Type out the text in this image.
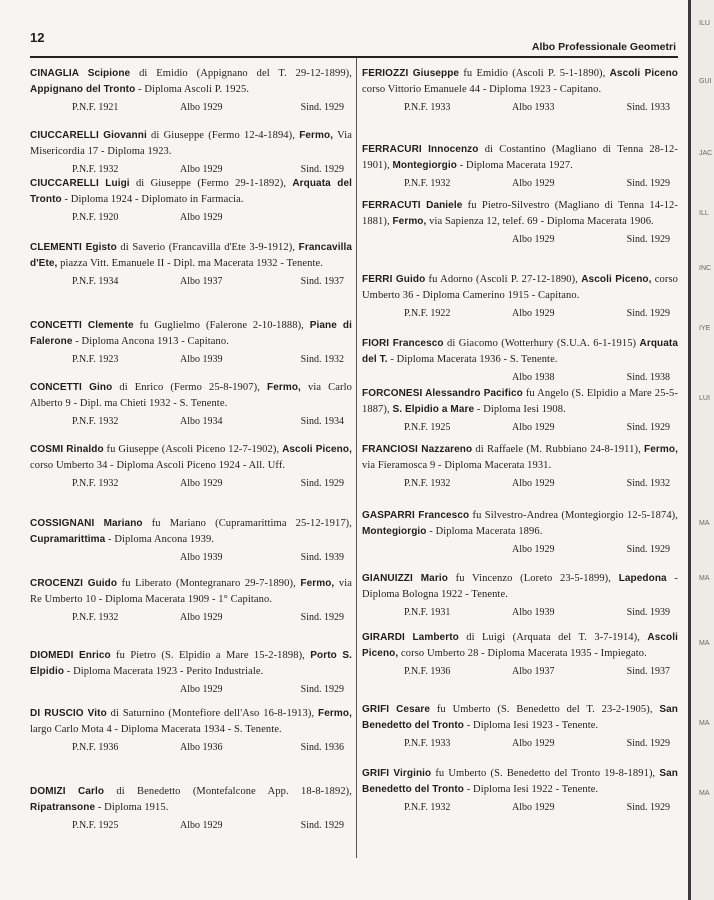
12
Albo Professionale Geometri
ILU
GUI
JAC
ILL
INC
IYE
LUI
MA
MA
MA
MA
MA
CINAGLIA Scipione di Emidio (Appignano del T. 29-12-1899), Appignano del Tronto - Diploma Ascoli P. 1925.
P.N.F. 1921	Albo 1929	Sind. 1929
CIUCCARELLI Giovanni di Giuseppe (Fermo 12-4-1894), Fermo, Via Misericordia 17 - Diploma 1923.
P.N.F. 1932	Albo 1929	Sind. 1929
CIUCCARELLI Luigi di Giuseppe (Fermo 29-1-1892), Arquata del Tronto - Diploma 1924 - Diplomato in Farmacia.
P.N.F. 1920	Albo 1929
CLEMENTI Egisto di Saverio (Francavilla d'Ete 3-9-1912), Francavilla d'Ete, piazza Vitt. Emanuele II - Dipl. ma Macerata 1932 - Tenente.
P.N.F. 1934	Albo 1937	Sind. 1937
CONCETTI Clemente fu Guglielmo (Falerone 2-10-1888), Piane di Falerone - Diploma Ancona 1913 - Capitano.
P.N.F. 1923	Albo 1939	Sind. 1932
CONCETTI Gino di Enrico (Fermo 25-8-1907), Fermo, via Carlo Alberto 9 - Dipl. ma Chieti 1932 - S. Tenente.
P.N.F. 1932	Albo 1934	Sind. 1934
COSMI Rinaldo fu Giuseppe (Ascoli Piceno 12-7-1902), Ascoli Piceno, corso Umberto 34 - Diploma Ascoli Piceno 1924 - All. Uff.
P.N.F. 1932	Albo 1929	Sind. 1929
COSSIGNANI Mariano fu Mariano (Cupramarittima 25-12-1917), Cupramarittima - Diploma Ancona 1939.
Albo 1939	Sind. 1939
CROCENZI Guido fu Liberato (Montegranaro 29-7-1890), Fermo, via Re Umberto 10 - Diploma Macerata 1909 - 1° Capitano.
P.N.F. 1932	Albo 1929	Sind. 1929
DIOMEDI Enrico fu Pietro (S. Elpidio a Mare 15-2-1898), Porto S. Elpidio - Diploma Macerata 1923 - Perito Industriale.
Albo 1929	Sind. 1929
DI RUSCIO Vito di Saturnino (Montefiore dell'Aso 16-8-1913), Fermo, largo Carlo Mota 4 - Diploma Macerata 1934 - S. Tenente.
P.N.F. 1936	Albo 1936	Sind. 1936
DOMIZI Carlo di Benedetto (Montefalcone App. 18-8-1892), Ripatransone - Diploma 1915.
P.N.F. 1925	Albo 1929	Sind. 1929
FERIOZZI Giuseppe fu Emidio (Ascoli P. 5-1-1890), Ascoli Piceno corso Vittorio Emanuele 44 - Diploma 1923 - Capitano.
P.N.F. 1933	Albo 1933	Sind. 1933
FERRACURI Innocenzo di Costantino (Magliano di Tenna 28-12-1901), Montegiorgio - Diploma Macerata 1927.
P.N.F. 1932	Albo 1929	Sind. 1929
FERRACUTI Daniele fu Pietro-Silvestro (Magliano di Tenna 14-12-1881), Fermo, via Sapienza 12, telef. 69 - Diploma Macerata 1906.
Albo 1929	Sind. 1929
FERRI Guido fu Adorno (Ascoli P. 27-12-1890), Ascoli Piceno, corso Umberto 36 - Diploma Camerino 1915 - Capitano.
P.N.F. 1922	Albo 1929	Sind. 1929
FIORI Francesco di Giacomo (Wotterhury (S.U.A. 6-1-1915) Arquata del T. - Diploma Macerata 1936 - S. Tenente.
Albo 1938	Sind. 1938
FORCONESI Alessandro Pacifico fu Angelo (S. Elpidio a Mare 25-5-1887), S. Elpidio a Mare - Diploma Iesi 1908.
P.N.F. 1925	Albo 1929	Sind. 1929
FRANCIOSI Nazzareno di Raffaele (M. Rubbiano 24-8-1911), Fermo, via Fieramosca 9 - Diploma Macerata 1931.
P.N.F. 1932	Albo 1929	Sind. 1932
GASPARRI Francesco fu Silvestro-Andrea (Montegiorgio 12-5-1874), Montegiorgio - Diploma Macerata 1896.
Albo 1929	Sind. 1929
GIANUIZZI Mario fu Vincenzo (Loreto 23-5-1899), Lapedona - Diploma Bologna 1922 - Tenente.
P.N.F. 1931	Albo 1939	Sind. 1939
GIRARDI Lamberto di Luigi (Arquata del T. 3-7-1914), Ascoli Piceno, corso Umberto 28 - Diploma Macerata 1935 - Impiegato.
P.N.F. 1936	Albo 1937	Sind. 1937
GRIFI Cesare fu Umberto (S. Benedetto del T. 23-2-1905), San Benedetto del Tronto - Diploma Iesi 1923 - Tenente.
P.N.F. 1933	Albo 1929	Sind. 1929
GRIFI Virginio fu Umberto (S. Benedetto del Tronto 19-8-1891), San Benedetto del Tronto - Diploma Iesi 1922 - Tenente.
P.N.F. 1932	Albo 1929	Sind. 1929
